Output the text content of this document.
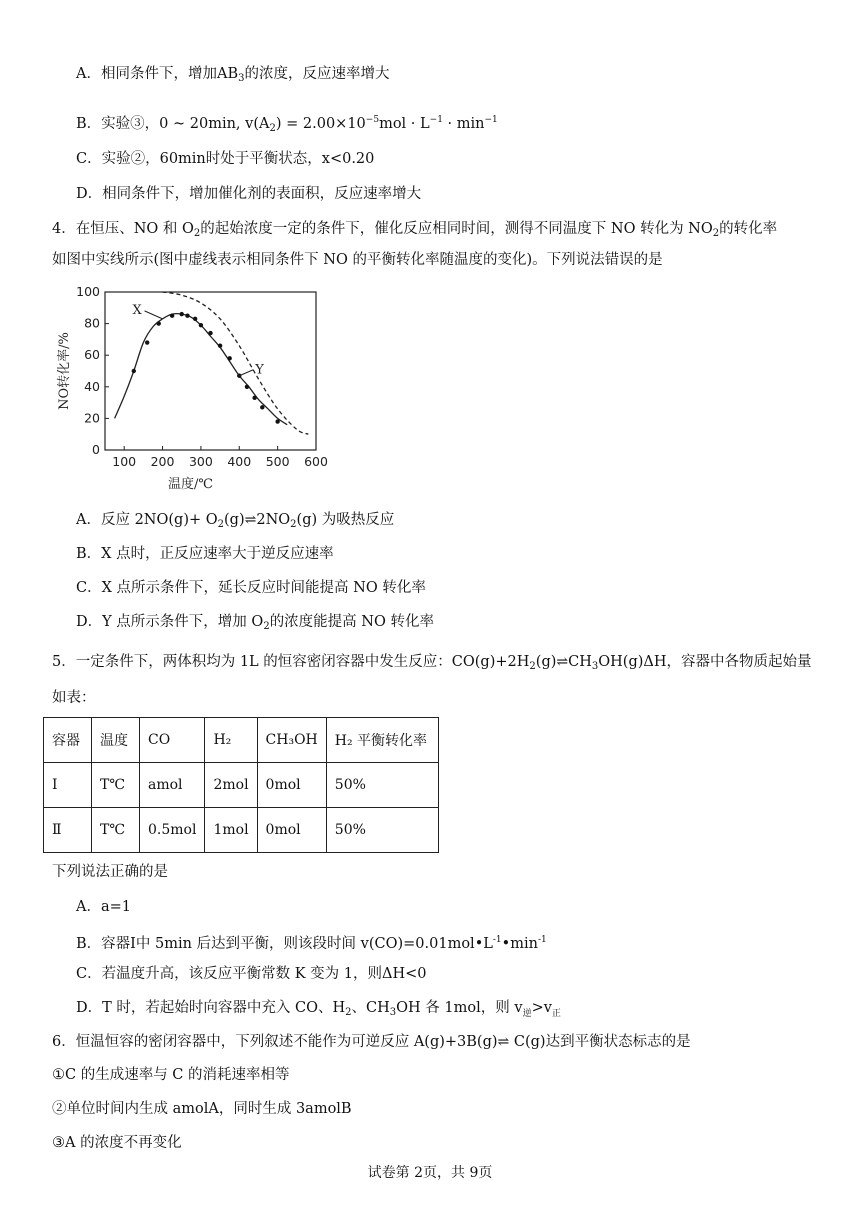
A．相同条件下，增加$AB_3$的浓度，反应速率增大
B．实验③，0 ~ 20min, $v(A_2) = 2.00\times 10^{-5}mol \cdot L^{-1} \cdot \min^{-1}$
C．实验②，60min时处于平衡状态，x<0.20
D．相同条件下，增加催化剂的表面积，反应速率增大
4．在恒压、NO 和 $O_2$的起始浓度一定的条件下，催化反应相同时间，测得不同温度下 NO 转化为 $NO_2$的转化率
如图中实线所示(图中虚线表示相同条件下 NO 的平衡转化率随温度的变化)。下列说法错误的是
100 200 300 400 500 600
0
20
40
60
80
100
温度/℃
NO转化率/%
X
Y
A．反应 $2NO(g)+ O_2(g)\rightleftharpoons 2NO_2(g)$ 为吸热反应
B．X 点时，正反应速率大于逆反应速率
C．X 点所示条件下，延长反应时间能提高 NO 转化率
D．Y 点所示条件下，增加 $O_2$的浓度能提高 NO 转化率
5．一定条件下，两体积均为 1L 的恒容密闭容器中发生反应：$CO(g)+2H_2(g)\rightleftharpoons CH_3OH(g)\Delta H$，容器中各物质起始量
如表：
容器	温度	CO	H₂	CH₃OH	H₂ 平衡转化率
Ⅰ	T℃	amol	2mol	0mol	50%
Ⅱ	T℃	0.5mol	1mol	0mol	50%
下列说法正确的是
A．a=1
B．容器Ⅰ中 5min 后达到平衡，则该段时间 $v(CO)=0.01mol•L^{-1}•\min^{-1}$
C．若温度升高，该反应平衡常数 K 变为 1，则ΔH<0
D．T 时，若起始时向容器中充入 CO、$H_2$、$CH_3OH$ 各 1mol，则 $v_逆>v_正$
6．恒温恒容的密闭容器中，下列叙述不能作为可逆反应 A(g)+3B(g)⇌ C(g)达到平衡状态标志的是
①C 的生成速率与 C 的消耗速率相等
②单位时间内生成 amolA，同时生成 3amolB
③A 的浓度不再变化
试卷第 2页，共 9页
